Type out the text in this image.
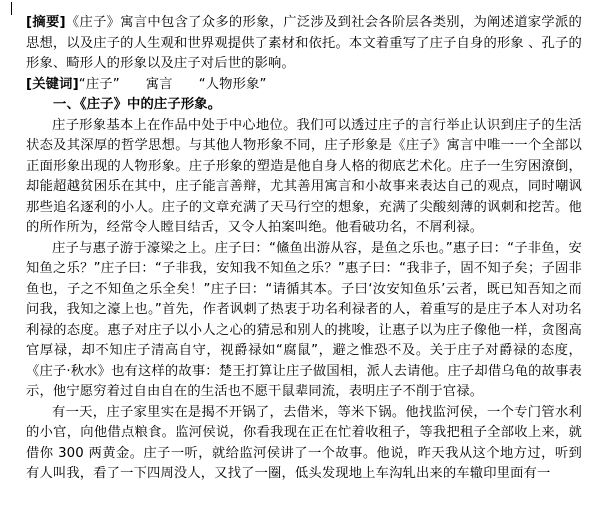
[摘要]《庄子》寓言中包含了众多的形象，广泛涉及到社会各阶层各类别，为阐述道家学派的思想，以及庄子的人生观和世界观提供了素材和依托。本文着重写了庄子自身的形象 、孔子的形象、畸形人的形象以及庄子对后世的影响。

[关键词]“庄子” 寓言 “人物形象”

一、《庄子》中的庄子形象。

庄子形象基本上在作品中处于中心地位。我们可以透过庄子的言行举止认识到庄子的生活状态及其深厚的哲学思想。与其他人物形象不同，庄子形象是《庄子》寓言中唯一一个全部以正面形象出现的人物形象。庄子形象的塑造是他自身人格的彻底艺术化。庄子一生穷困潦倒，却能超越贫困乐在其中，庄子能言善辩，尤其善用寓言和小故事来表达自己的观点，同时嘲讽那些追名逐利的小人。庄子的文章充满了天马行空的想象，充满了尖酸刻薄的讽刺和挖苦。他的所作所为，经常令人瞠目结舌，又令人拍案叫绝。他看破功名，不屑利禄。

庄子与惠子游于濠梁之上。庄子曰：“鯈鱼出游从容，是鱼之乐也。”惠子曰：“子非鱼，安知鱼之乐？”庄子曰：“子非我，安知我不知鱼之乐？”惠子曰：“我非子，固不知子矣；子固非鱼也，子之不知鱼之乐全矣！”庄子曰：“请循其本。子曰‘汝安知鱼乐’云者，既已知吾知之而问我，我知之濠上也。”首先，作者讽刺了热衷于功名利禄者的人，着重写的是庄子本人对功名利禄的态度。惠子对庄子以小人之心的猜忌和别人的挑唆，让惠子以为庄子像他一样，贪图高官厚禄，却不知庄子清高自守，视爵禄如“腐鼠”，避之惟恐不及。关于庄子对爵禄的态度，《庄子·秋水》也有这样的故事：楚王打算让庄子做国相，派人去请他。庄子却借乌龟的故事表示，他宁愿穷着过自由自在的生活也不愿干鼠辈同流，表明庄子不削于官禄。

有一天，庄子家里实在是揭不开锅了，去借米，等米下锅。他找监河侯，一个专门管水利的小官，向他借点粮食。监河侯说，你看我现在正在忙着收租子，等我把租子全部收上来，就借你 300 两黄金。庄子一听，就给监河侯讲了一个故事。他说，昨天我从这个地方过，听到有人叫我，看了一下四周没人，又找了一圈，低头发现地上车沟轧出来的车辙印里面有一
